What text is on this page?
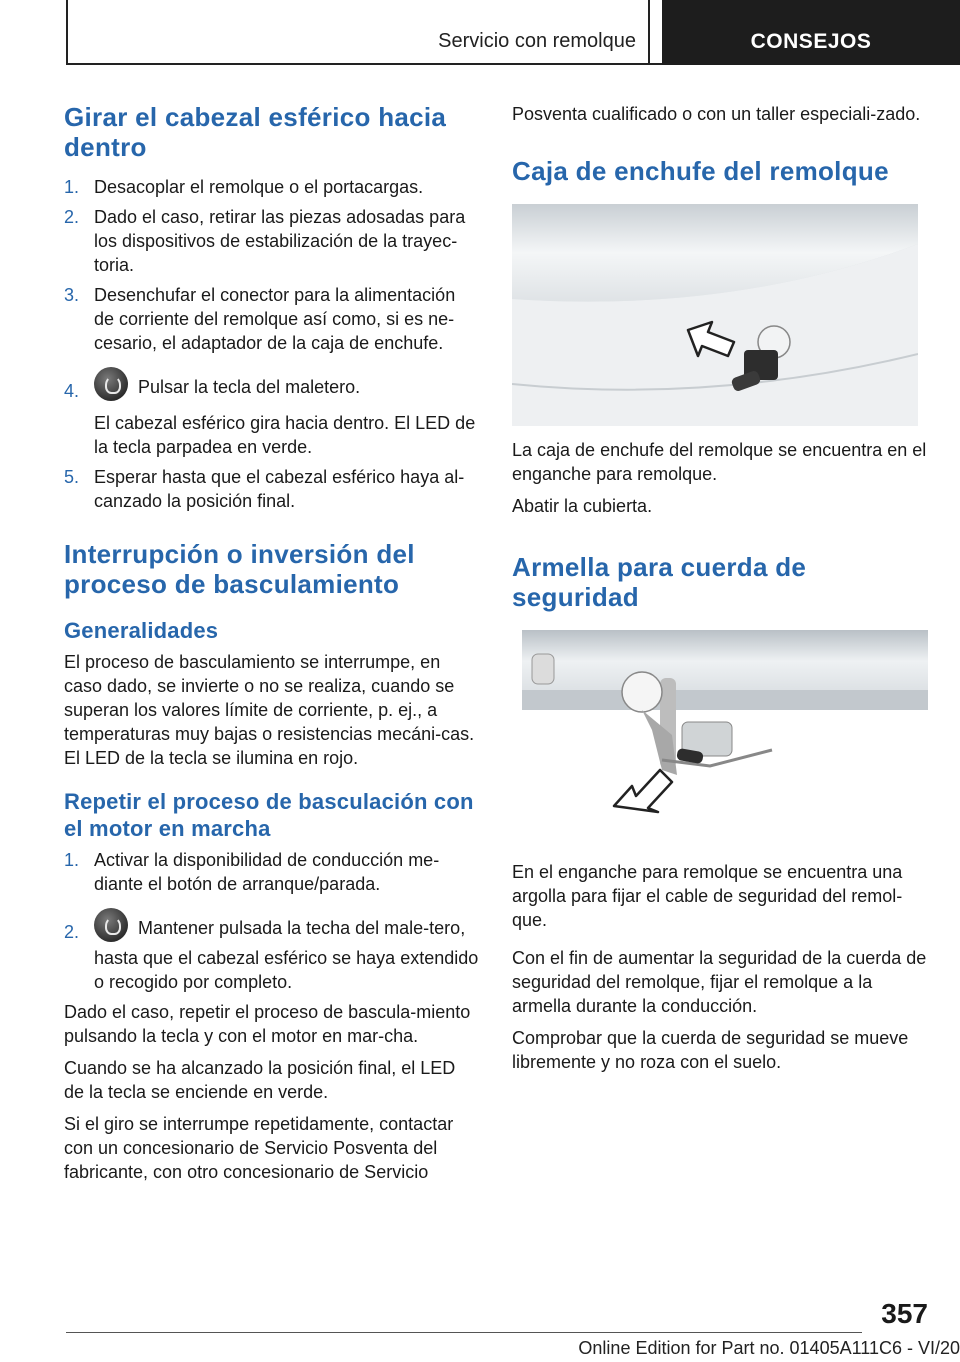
Servicio con remolque	CONSEJOS
Girar el cabezal esférico hacia dentro
1. Desacoplar el remolque o el portacargas.
2. Dado el caso, retirar las piezas adosadas para los dispositivos de estabilización de la trayec-toria.
3. Desenchufar el conector para la alimentación de corriente del remolque así como, si es ne-cesario, el adaptador de la caja de enchufe.
4.	Pulsar la tecla del maletero.
El cabezal esférico gira hacia dentro. El LED de la tecla parpadea en verde.
5. Esperar hasta que el cabezal esférico haya al-canzado la posición final.
Interrupción o inversión del proceso de basculamiento
Generalidades

El proceso de basculamiento se interrumpe, en caso dado, se invierte o no se realiza, cuando se superan los valores límite de corriente, p. ej., a temperaturas muy bajas o resistencias mecáni-cas. El LED de la tecla se ilumina en rojo.

Repetir el proceso de basculación con el motor en marcha
1. Activar la disponibilidad de conducción me-diante el botón de arranque/parada.
2.	Mantener pulsada la techa del male-tero, hasta que el cabezal esférico se haya extendido o recogido por completo.

Dado el caso, repetir el proceso de bascula-miento pulsando la tecla y con el motor en mar-cha.

Cuando se ha alcanzado la posición final, el LED de la tecla se enciende en verde.

Si el giro se interrumpe repetidamente, contactar con un concesionario de Servicio Posventa del fabricante, con otro concesionario de Servicio

Posventa cualificado o con un taller especiali-zado.

Caja de enchufe del remolque

La caja de enchufe del remolque se encuentra en el enganche para remolque.

Abatir la cubierta.

Armella para cuerda de seguridad

En el enganche para remolque se encuentra una argolla para fijar el cable de seguridad del remol-que.

Con el fin de aumentar la seguridad de la cuerda de seguridad del remolque, fijar el remolque a la armella durante la conducción.

Comprobar que la cuerda de seguridad se mueve libremente y no roza con el suelo.

357
Online Edition for Part no. 01405A111C6 - VI/20
